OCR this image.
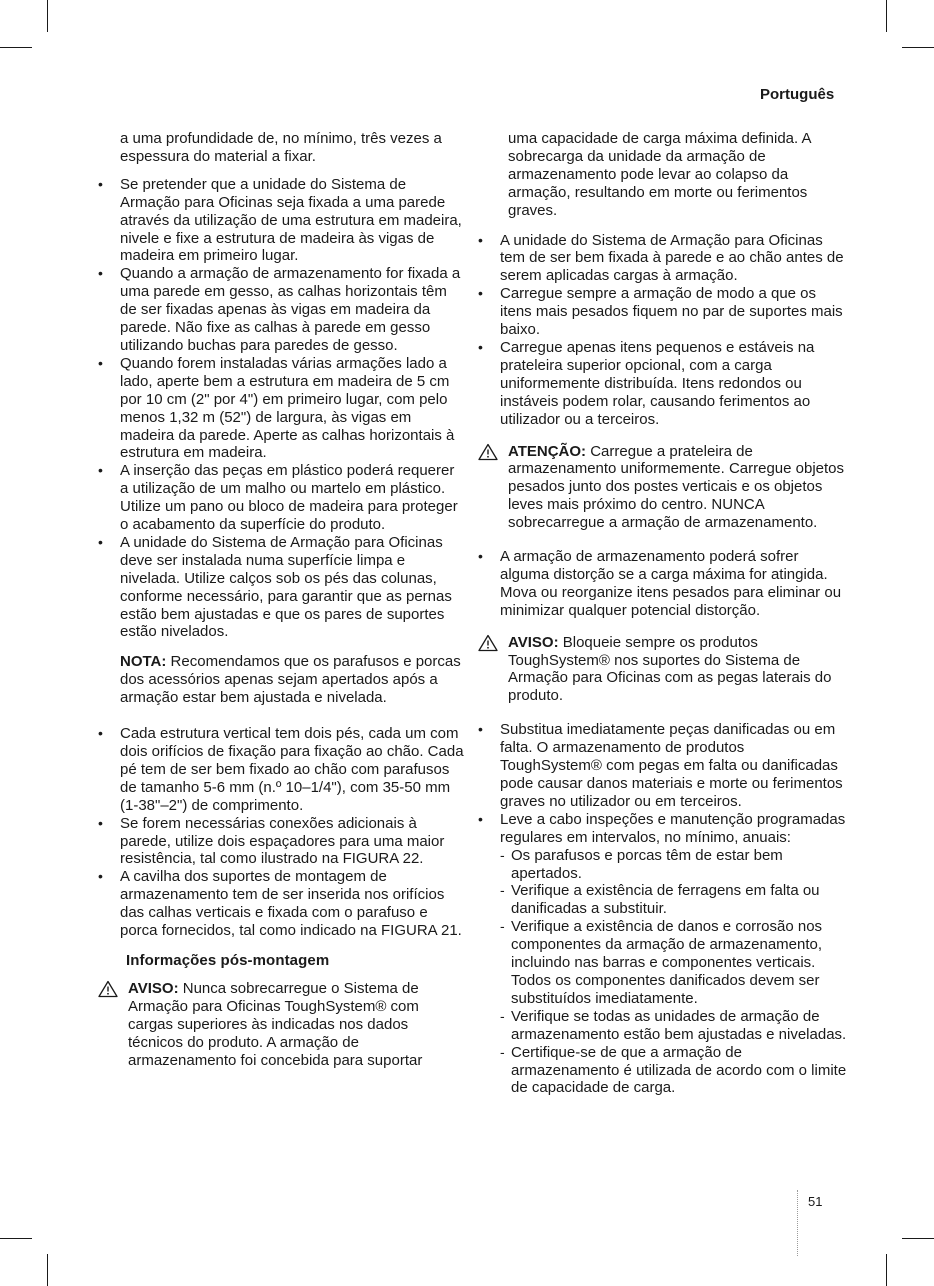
Português

a uma profundidade de, no mínimo, três vezes a espessura do material a fixar.

• Se pretender que a unidade do Sistema de Armação para Oficinas seja fixada a uma parede através da utilização de uma estrutura em madeira, nivele e fixe a estrutura de madeira às vigas de madeira em primeiro lugar.
• Quando a armação de armazenamento for fixada a uma parede em gesso, as calhas horizontais têm de ser fixadas apenas às vigas em madeira da parede. Não fixe as calhas à parede em gesso utilizando buchas para paredes de gesso.
• Quando forem instaladas várias armações lado a lado, aperte bem a estrutura em madeira de 5 cm por 10 cm (2" por 4") em primeiro lugar, com pelo menos 1,32 m (52") de largura, às vigas em madeira da parede. Aperte as calhas horizontais à estrutura em madeira.
• A inserção das peças em plástico poderá requerer a utilização de um malho ou martelo em plástico. Utilize um pano ou bloco de madeira para proteger o acabamento da superfície do produto.
• A unidade do Sistema de Armação para Oficinas deve ser instalada numa superfície limpa e nivelada. Utilize calços sob os pés das colunas, conforme necessário, para garantir que as pernas estão bem ajustadas e que os pares de suportes estão nivelados.

NOTA: Recomendamos que os parafusos e porcas dos acessórios apenas sejam apertados após a armação estar bem ajustada e nivelada.

• Cada estrutura vertical tem dois pés, cada um com dois orifícios de fixação para fixação ao chão. Cada pé tem de ser bem fixado ao chão com parafusos de tamanho 5-6 mm (n.º 10–1/4"), com 35-50 mm (1-38"–2") de comprimento.
• Se forem necessárias conexões adicionais à parede, utilize dois espaçadores para uma maior resistência, tal como ilustrado na FIGURA 22.
• A cavilha dos suportes de montagem de armazenamento tem de ser inserida nos orifícios das calhas verticais e fixada com o parafuso e porca fornecidos, tal como indicado na FIGURA 21.
Informações pós-montagem
AVISO: Nunca sobrecarregue o Sistema de Armação para Oficinas ToughSystem® com cargas superiores às indicadas nos dados técnicos do produto. A armação de armazenamento foi concebida para suportar

uma capacidade de carga máxima definida. A sobrecarga da unidade da armação de armazenamento pode levar ao colapso da armação, resultando em morte ou ferimentos graves.

• A unidade do Sistema de Armação para Oficinas tem de ser bem fixada à parede e ao chão antes de serem aplicadas cargas à armação.
• Carregue sempre a armação de modo a que os itens mais pesados fiquem no par de suportes mais baixo.
• Carregue apenas itens pequenos e estáveis na prateleira superior opcional, com a carga uniformemente distribuída. Itens redondos ou instáveis podem rolar, causando ferimentos ao utilizador ou a terceiros.
ATENÇÃO: Carregue a prateleira de armazenamento uniformemente. Carregue objetos pesados junto dos postes verticais e os objetos leves mais próximo do centro. NUNCA sobrecarregue a armação de armazenamento.
• A armação de armazenamento poderá sofrer alguma distorção se a carga máxima for atingida. Mova ou reorganize itens pesados para eliminar ou minimizar qualquer potencial distorção.
AVISO: Bloqueie sempre os produtos ToughSystem® nos suportes do Sistema de Armação para Oficinas com as pegas laterais do produto.
• Substitua imediatamente peças danificadas ou em falta. O armazenamento de produtos ToughSystem® com pegas em falta ou danificadas pode causar danos materiais e morte ou ferimentos graves no utilizador ou em terceiros.
• Leve a cabo inspeções e manutenção programadas regulares em intervalos, no mínimo, anuais:
- Os parafusos e porcas têm de estar bem apertados.
- Verifique a existência de ferragens em falta ou danificadas a substituir.
- Verifique a existência de danos e corrosão nos componentes da armação de armazenamento, incluindo nas barras e componentes verticais. Todos os componentes danificados devem ser substituídos imediatamente.
- Verifique se todas as unidades de armação de armazenamento estão bem ajustadas e niveladas.
- Certifique-se de que a armação de armazenamento é utilizada de acordo com o limite de capacidade de carga.
51
